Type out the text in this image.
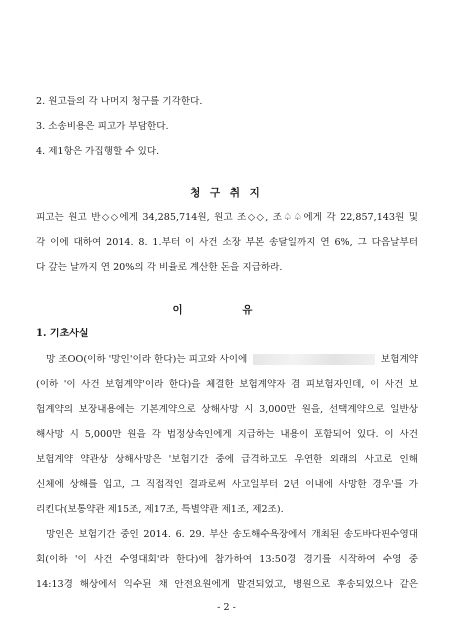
2. 원고들의 각 나머지 청구를 기각한다.
3. 소송비용은 피고가 부담한다.
4. 제1항은 가집행할 수 있다.
청 구 취 지
피고는 원고 반◇◇에게 34,285,714원, 원고 조◇◇, 조♤♤에게 각 22,857,143원 및
각 이에 대하여 2014. 8. 1.부터 이 사건 소장 부본 송달일까지 연 6%, 그 다음날부터
다 갚는 날까지 연 20%의 각 비율로 계산한 돈을 지급하라.
이 유
1. 기초사실
망 조OO(이하 '망인'이라 한다)는 피고와 사이에	보험계약
(이하 '이 사건 보험계약'이라 한다)을 체결한 보험계약자 겸 피보험자인데, 이 사건 보
험계약의 보장내용에는 기본계약으로 상해사망 시 3,000만 원을, 선택계약으로 일반상
해사망 시 5,000만 원을 각 법정상속인에게 지급하는 내용이 포함되어 있다. 이 사건
보험계약 약관상 상해사망은 '보험기간 중에 급격하고도 우연한 외래의 사고로 인해
신체에 상해를 입고, 그 직접적인 결과로써 사고일부터 2년 이내에 사망한 경우'를 가
리킨다(보통약관 제15조, 제17조, 특별약관 제1조, 제2조).
망인은 보험기간 중인 2014. 6. 29. 부산 송도해수욕장에서 개최된 송도바다핀수영대
회(이하 '이 사건 수영대회'라 한다)에 참가하여 13:50경 경기를 시작하여 수영 중
14:13경 해상에서 익수된 채 안전요원에게 발견되었고, 병원으로 후송되었으나 같은
- 2 -
